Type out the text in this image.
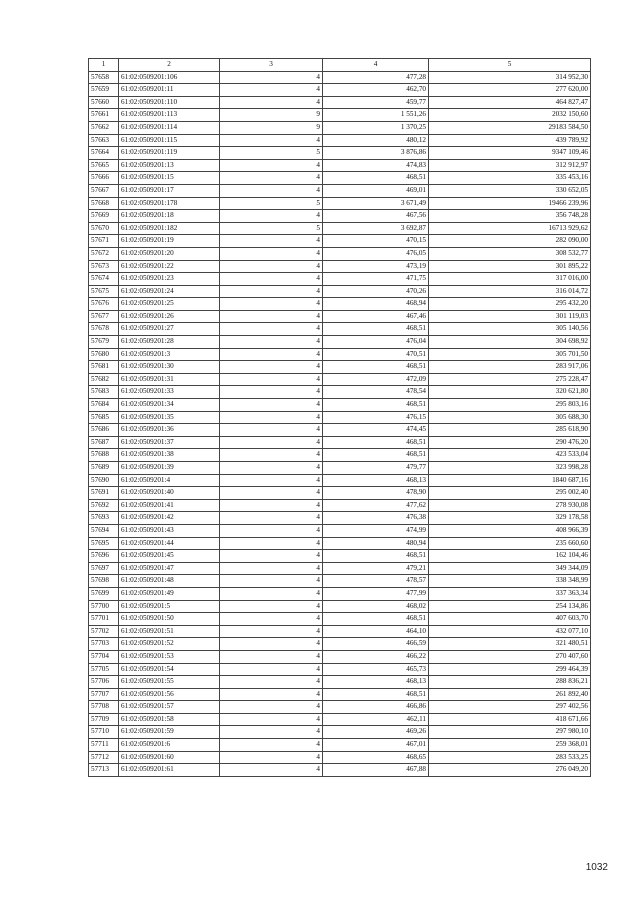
1	2	3	4	5
57658	61:02:0509201:106	4	477,28	314 952,30
57659	61:02:0509201:11	4	462,70	277 620,00
57660	61:02:0509201:110	4	459,77	464 827,47
57661	61:02:0509201:113	9	1 551,26	2032 150,60
57662	61:02:0509201:114	9	1 370,25	29183 584,50
57663	61:02:0509201:115	4	480,12	439 789,92
57664	61:02:0509201:119	5	3 876,86	9347 109,46
57665	61:02:0509201:13	4	474,83	312 912,97
57666	61:02:0509201:15	4	468,51	335 453,16
57667	61:02:0509201:17	4	469,01	330 652,05
57668	61:02:0509201:178	5	3 671,49	19466 239,96
57669	61:02:0509201:18	4	467,56	356 748,28
57670	61:02:0509201:182	5	3 692,87	16713 929,62
57671	61:02:0509201:19	4	470,15	282 090,00
57672	61:02:0509201:20	4	476,05	308 532,77
57673	61:02:0509201:22	4	473,19	301 895,22
57674	61:02:0509201:23	4	471,75	317 016,00
57675	61:02:0509201:24	4	470,26	316 014,72
57676	61:02:0509201:25	4	468,94	295 432,20
57677	61:02:0509201:26	4	467,46	301 119,03
57678	61:02:0509201:27	4	468,51	305 140,56
57679	61:02:0509201:28	4	476,04	304 698,92
57680	61:02:0509201:3	4	470,51	305 701,50
57681	61:02:0509201:30	4	468,51	283 917,06
57682	61:02:0509201:31	4	472,09	275 228,47
57683	61:02:0509201:33	4	478,54	320 621,80
57684	61:02:0509201:34	4	468,51	295 803,16
57685	61:02:0509201:35	4	476,15	305 688,30
57686	61:02:0509201:36	4	474,45	285 618,90
57687	61:02:0509201:37	4	468,51	290 476,20
57688	61:02:0509201:38	4	468,51	423 533,04
57689	61:02:0509201:39	4	479,77	323 998,28
57690	61:02:0509201:4	4	468,13	1840 687,16
57691	61:02:0509201:40	4	478,90	295 002,40
57692	61:02:0509201:41	4	477,62	278 930,08
57693	61:02:0509201:42	4	476,38	329 178,58
57694	61:02:0509201:43	4	474,99	408 966,39
57695	61:02:0509201:44	4	480,94	235 660,60
57696	61:02:0509201:45	4	468,51	162 104,46
57697	61:02:0509201:47	4	479,21	349 344,09
57698	61:02:0509201:48	4	478,57	338 348,99
57699	61:02:0509201:49	4	477,99	337 363,34
57700	61:02:0509201:5	4	468,02	254 134,86
57701	61:02:0509201:50	4	468,51	407 603,70
57702	61:02:0509201:51	4	464,10	432 077,10
57703	61:02:0509201:52	4	466,59	321 480,51
57704	61:02:0509201:53	4	466,22	270 407,60
57705	61:02:0509201:54	4	465,73	299 464,39
57706	61:02:0509201:55	4	468,13	288 836,21
57707	61:02:0509201:56	4	468,51	261 892,40
57708	61:02:0509201:57	4	466,86	297 402,56
57709	61:02:0509201:58	4	462,11	418 671,66
57710	61:02:0509201:59	4	469,26	297 980,10
57711	61:02:0509201:6	4	467,01	259 368,01
57712	61:02:0509201:60	4	468,65	283 533,25
57713	61:02:0509201:61	4	467,88	276 049,20
1032
